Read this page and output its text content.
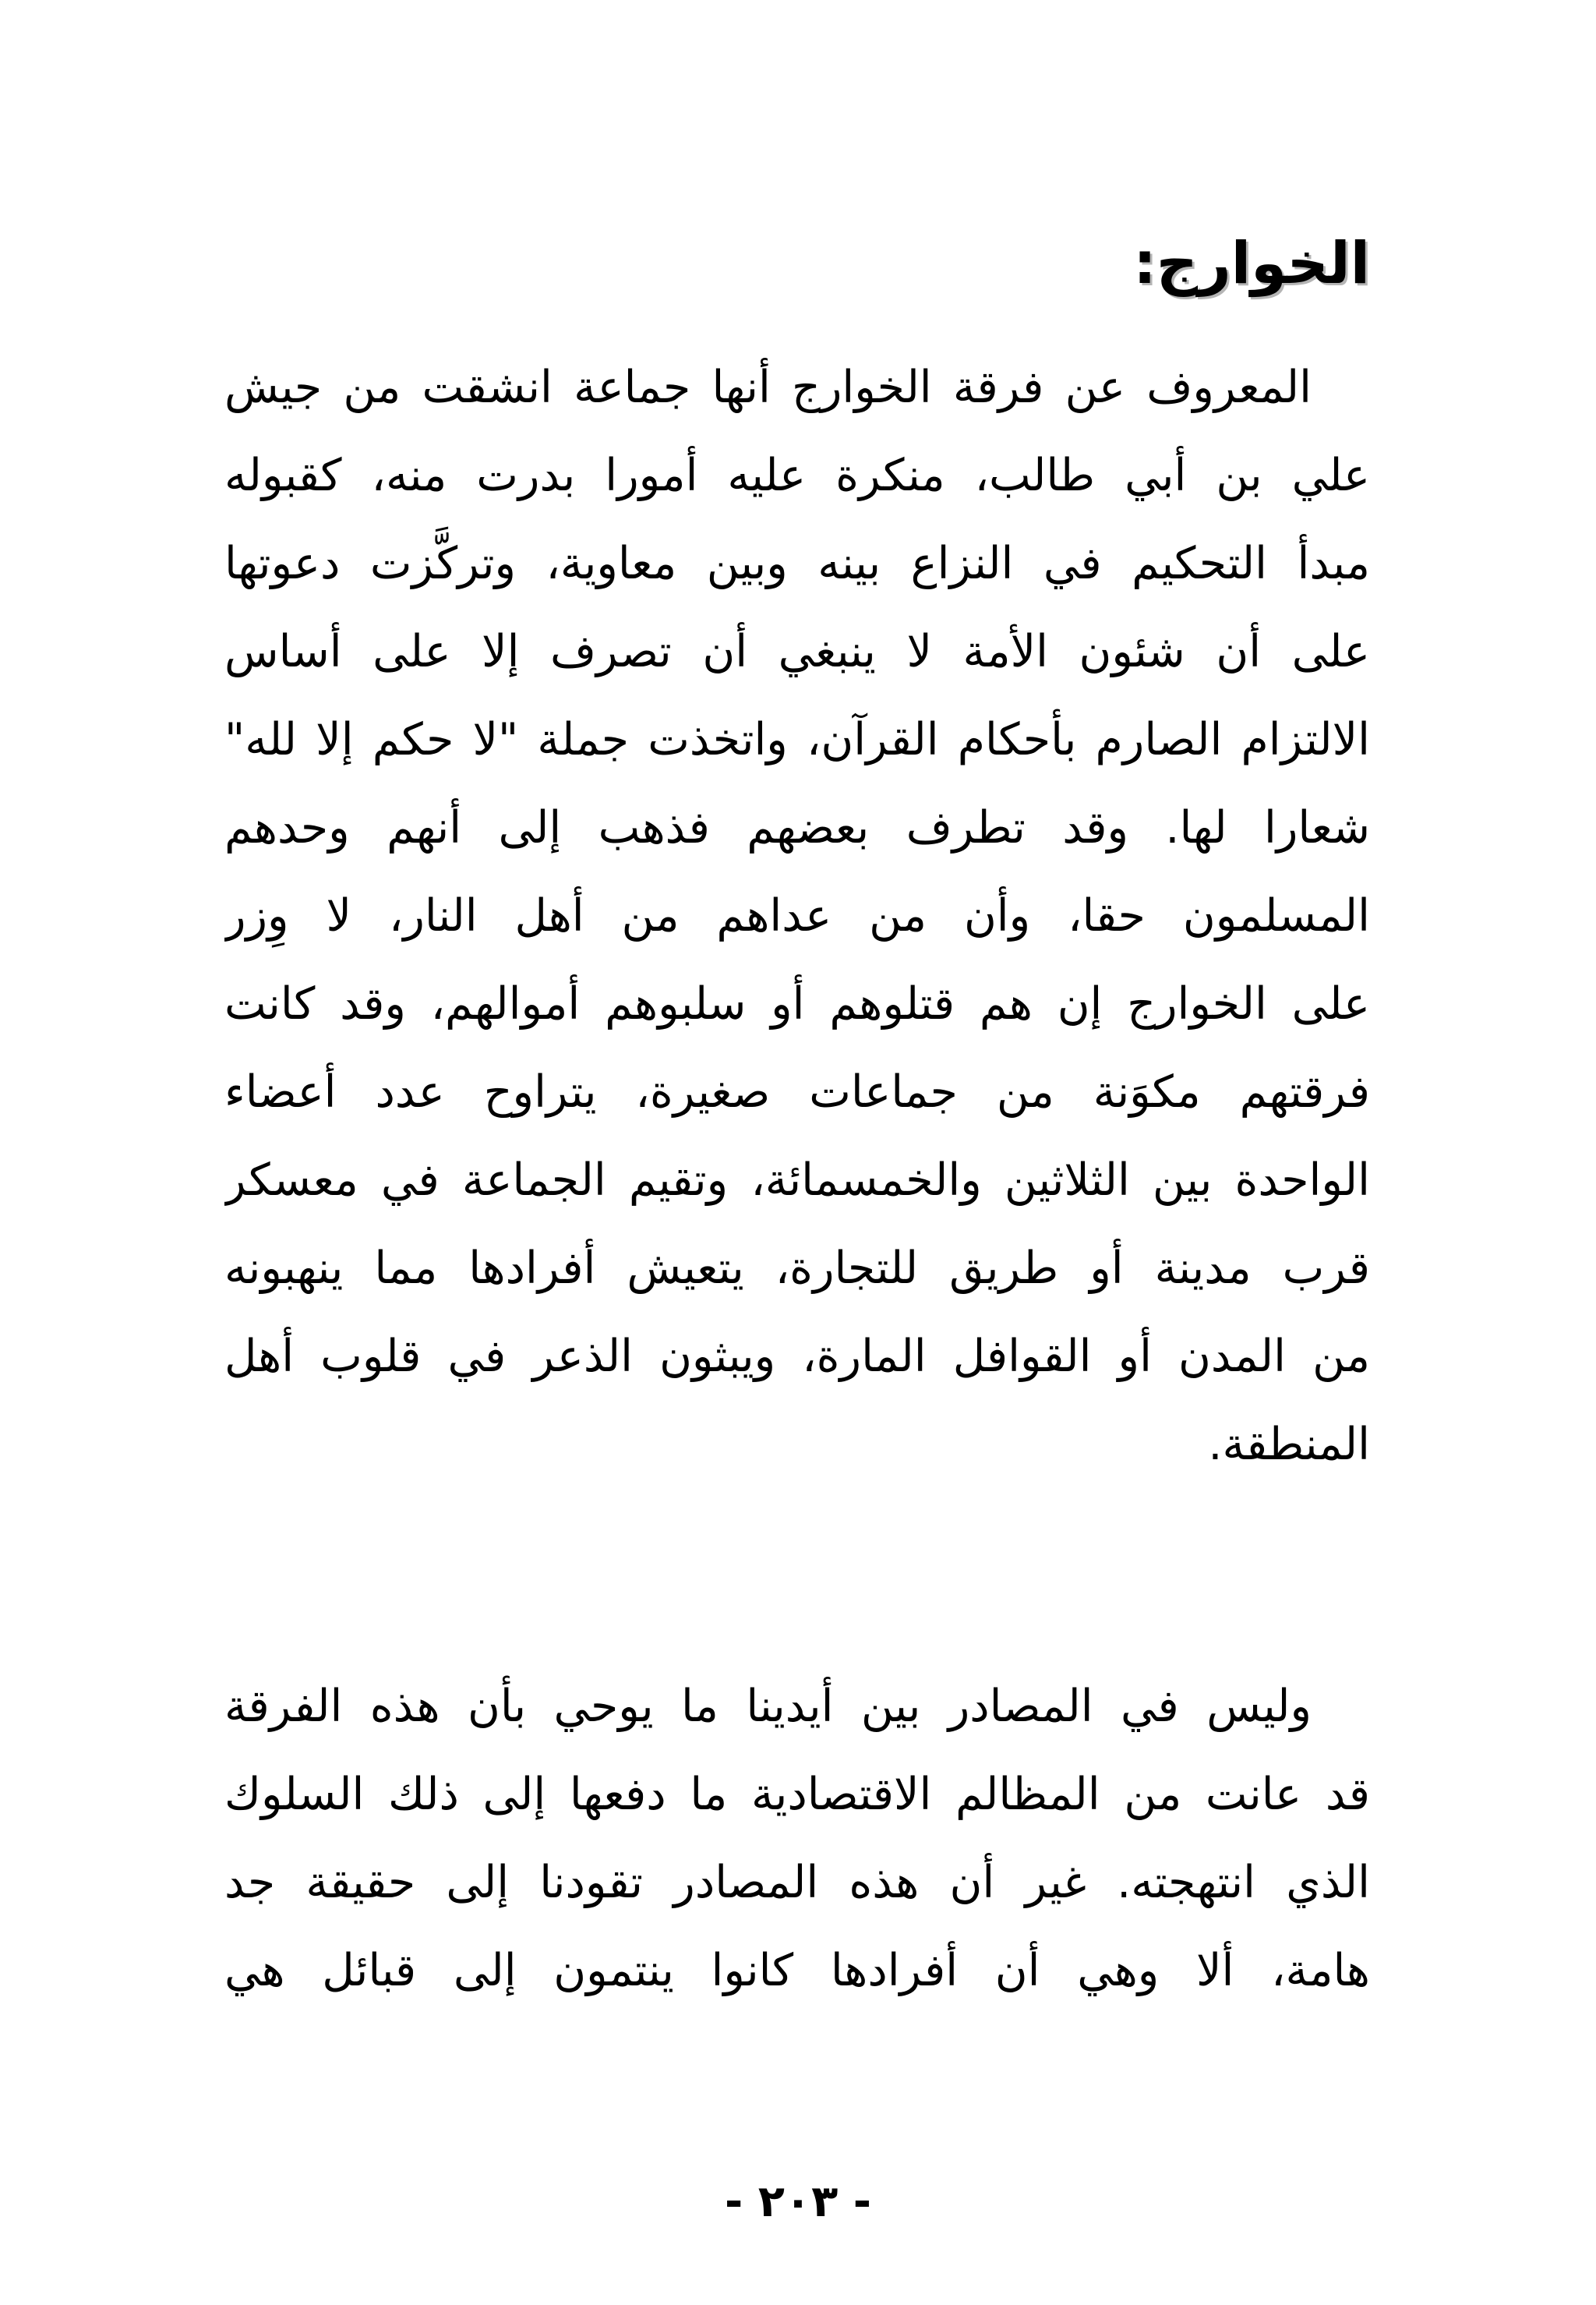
الخوارج:
المعروف عن فرقة الخوارج أنها جماعة انشقت من جيش
علي بن أبي طالب، منكرة عليه أمورا بدرت منه، كقبوله
مبدأ التحكيم في النزاع بينه وبين معاوية، وتركَّزت دعوتها
على أن شئون الأمة لا ينبغي أن تصرف إلا على أساس
الالتزام الصارم بأحكام القرآن، واتخذت جملة "لا حكم إلا لله"
شعارا لها. وقد تطرف بعضهم فذهب إلى أنهم وحدهم
المسلمون حقا، وأن من عداهم من أهل النار، لا وِزر
على الخوارج إن هم قتلوهم أو سلبوهم أموالهم، وقد كانت
فرقتهم مكوَنة من جماعات صغيرة، يتراوح عدد أعضاء
الواحدة بين الثلاثين والخمسمائة، وتقيم الجماعة في معسكر
قرب مدينة أو طريق للتجارة، يتعيش أفرادها مما ينهبونه
من المدن أو القوافل المارة، ويبثون الذعر في قلوب أهل
المنطقة.
وليس في المصادر بين أيدينا ما يوحي بأن هذه الفرقة
قد عانت من المظالم الاقتصادية ما دفعها إلى ذلك السلوك
الذي انتهجته. غير أن هذه المصادر تقودنا إلى حقيقة جد
هامة، ألا وهي أن أفرادها كانوا ينتمون إلى قبائل هي
- ٢٠٣ -
